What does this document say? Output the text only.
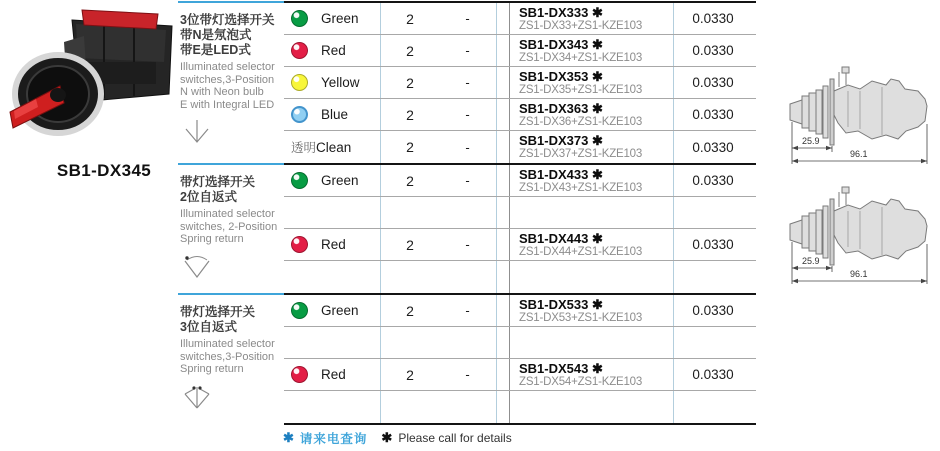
SB1-DX345
3位带灯选择开关
带N是氖泡式
带E是LED式
Illuminated selector
switches,3-Position
N with Neon bulb
E with Integral LED
Green	2	-	SB1-DX333 ✱
ZS1-DX33+ZS1-KZE103	0.0330
Red	2	-	SB1-DX343 ✱
ZS1-DX34+ZS1-KZE103	0.0330
Yellow	2	-	SB1-DX353 ✱
ZS1-DX35+ZS1-KZE103	0.0330
Blue	2	-	SB1-DX363 ✱
ZS1-DX36+ZS1-KZE103	0.0330
透明 Clean	2	-	SB1-DX373 ✱
ZS1-DX37+ZS1-KZE103	0.0330
带灯选择开关
2位自返式
Illuminated selector
switches, 2-Position
Spring return
Green	2	-	SB1-DX433 ✱
ZS1-DX43+ZS1-KZE103	0.0330
Red	2	-	SB1-DX443 ✱
ZS1-DX44+ZS1-KZE103	0.0330
带灯选择开关
3位自返式
Illuminated selector
switches,3-Position
Spring return
Green	2	-	SB1-DX533 ✱
ZS1-DX53+ZS1-KZE103	0.0330
Red	2	-	SB1-DX543 ✱
ZS1-DX54+ZS1-KZE103	0.0330
25.9
96.1
25.9
96.1
✱ 请来电查询 ✱ Please call for details
